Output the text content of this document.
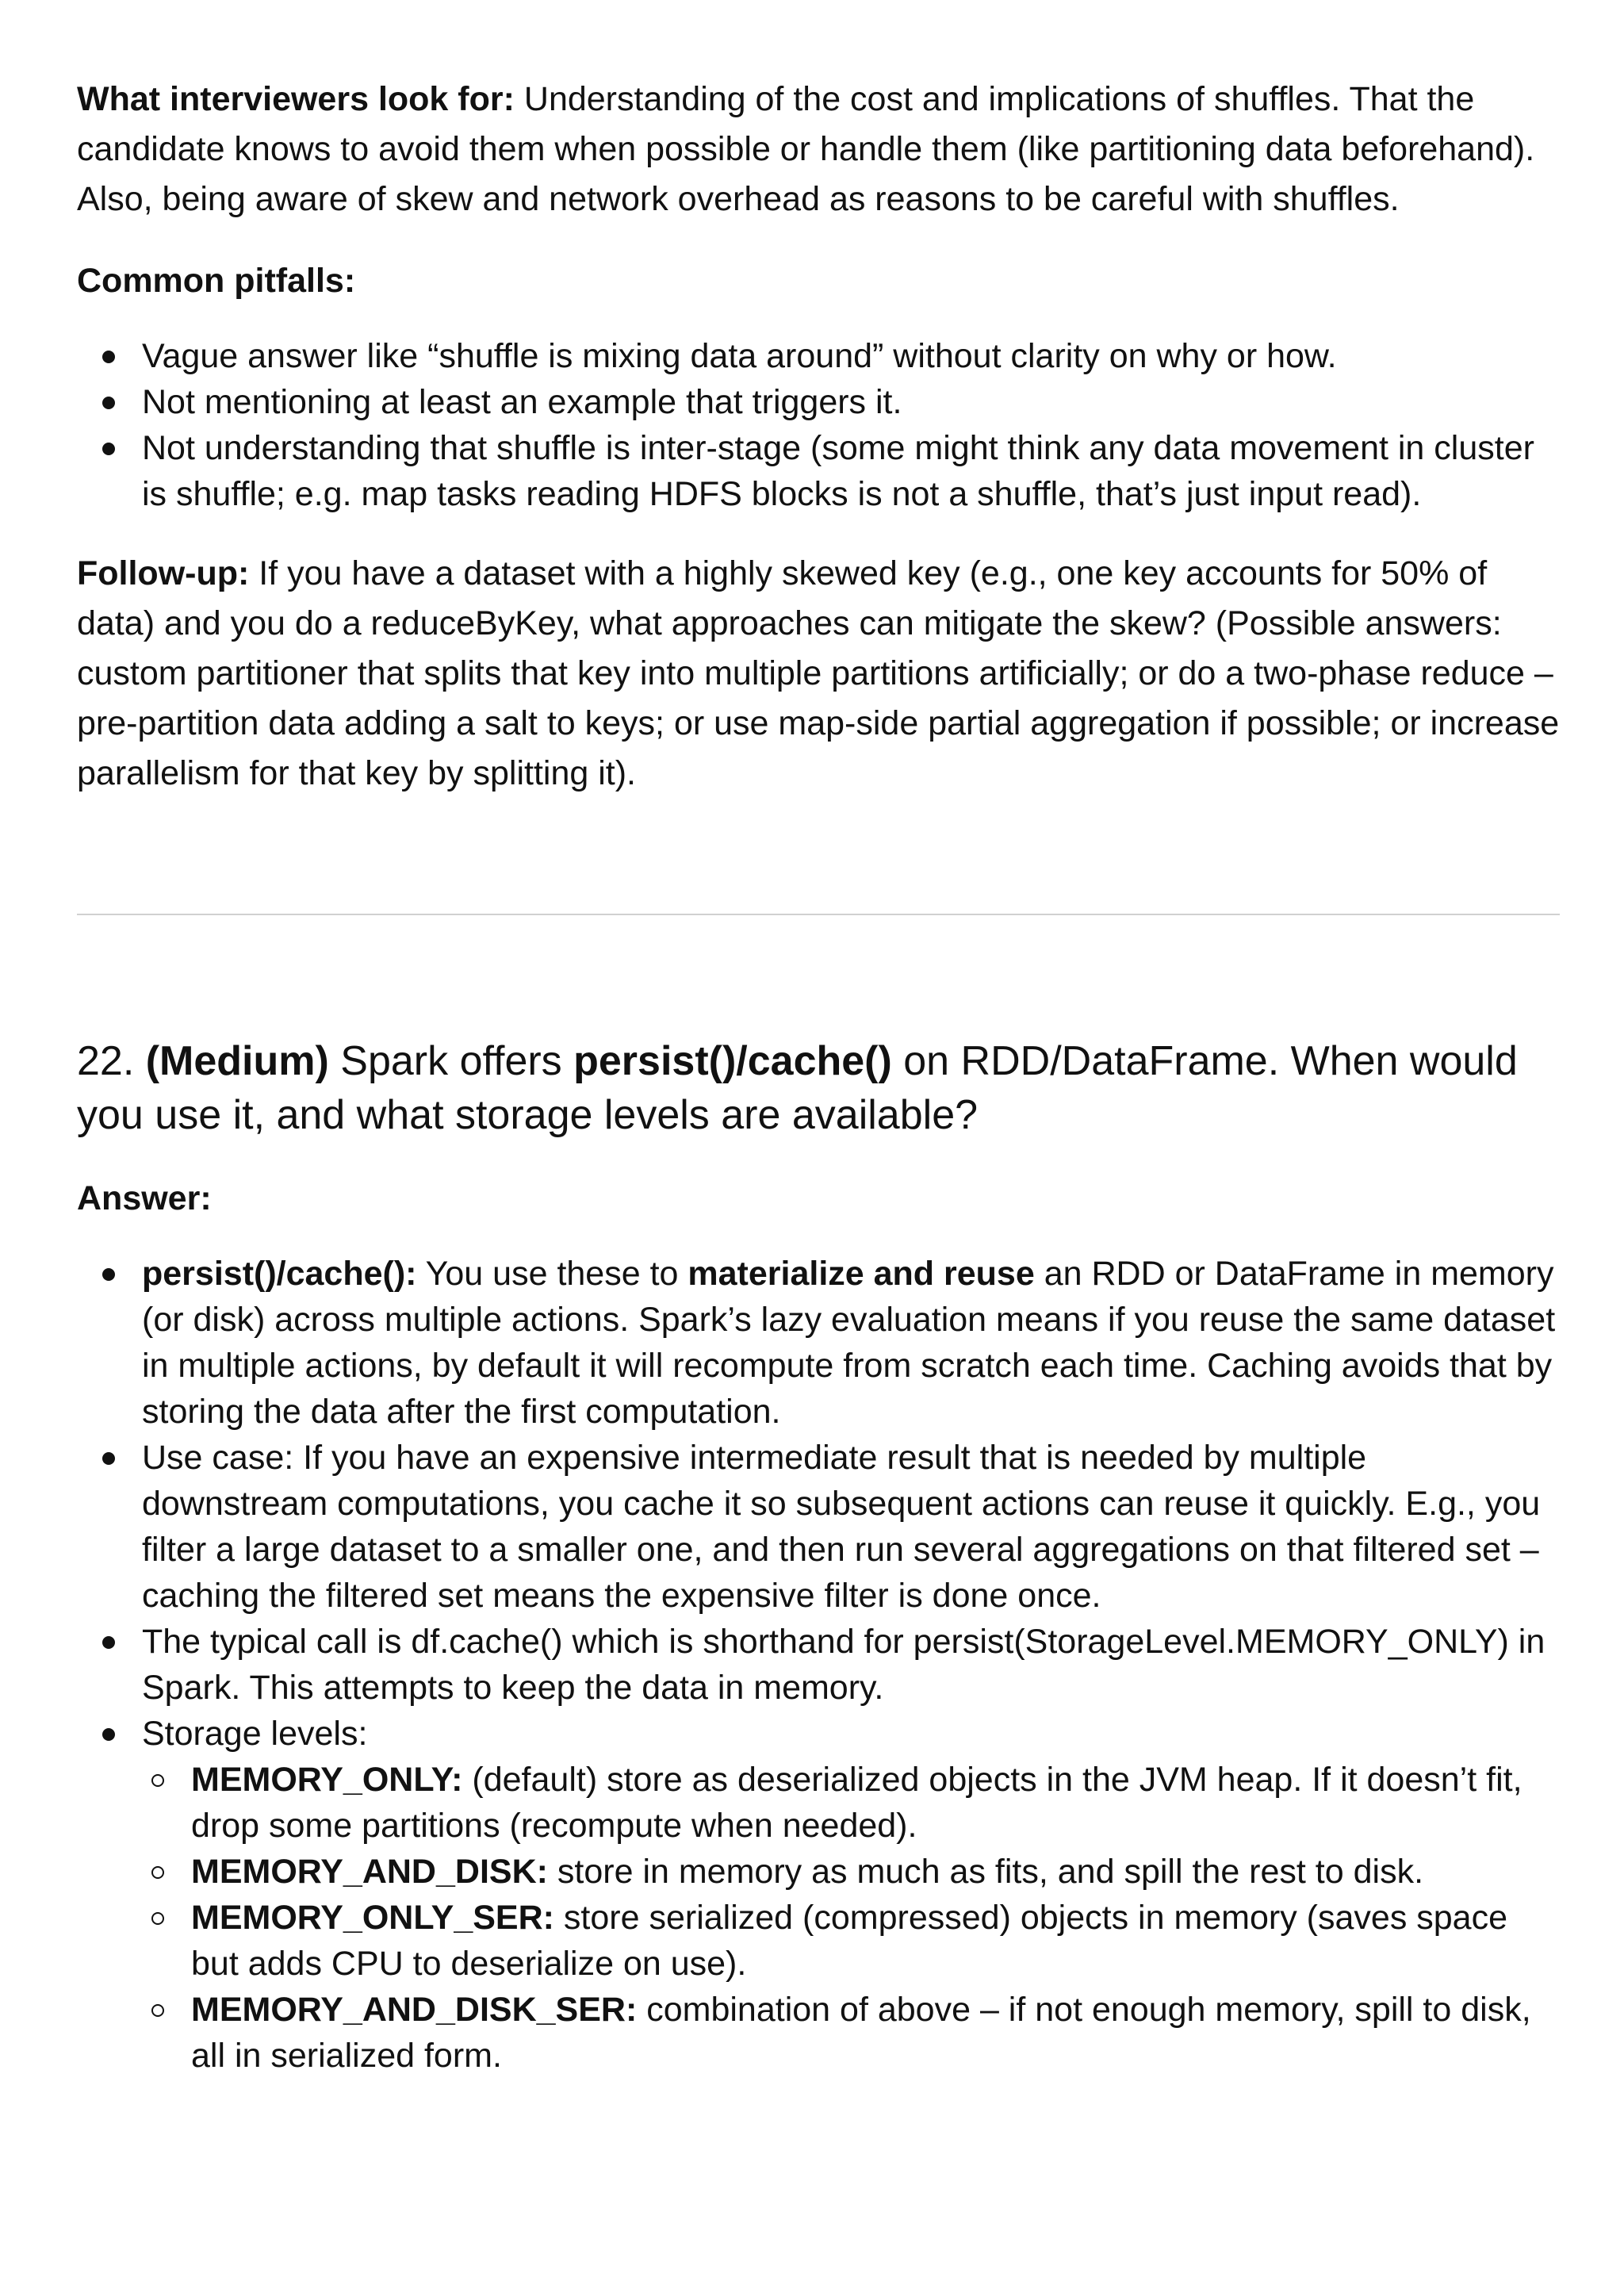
What interviewers look for: Understanding of the cost and implications of shuffles. That the candidate knows to avoid them when possible or handle them (like partitioning data beforehand). Also, being aware of skew and network overhead as reasons to be careful with shuffles.

Common pitfalls:
Vague answer like “shuffle is mixing data around” without clarity on why or how.
Not mentioning at least an example that triggers it.
Not understanding that shuffle is inter-stage (some might think any data movement in cluster is shuffle; e.g. map tasks reading HDFS blocks is not a shuffle, that’s just input read).

Follow-up: If you have a dataset with a highly skewed key (e.g., one key accounts for 50% of data) and you do a reduceByKey, what approaches can mitigate the skew? (Possible answers: custom partitioner that splits that key into multiple partitions artificially; or do a two-phase reduce – pre-partition data adding a salt to keys; or use map-side partial aggregation if possible; or increase parallelism for that key by splitting it).

22. (Medium) Spark offers persist()/cache() on RDD/DataFrame. When would you use it, and what storage levels are available?
Answer:
persist()/cache(): You use these to materialize and reuse an RDD or DataFrame in memory (or disk) across multiple actions. Spark’s lazy evaluation means if you reuse the same dataset in multiple actions, by default it will recompute from scratch each time. Caching avoids that by storing the data after the first computation.
Use case: If you have an expensive intermediate result that is needed by multiple downstream computations, you cache it so subsequent actions can reuse it quickly. E.g., you filter a large dataset to a smaller one, and then run several aggregations on that filtered set – caching the filtered set means the expensive filter is done once.
The typical call is df.cache() which is shorthand for persist(StorageLevel.MEMORY_ONLY) in Spark. This attempts to keep the data in memory.
Storage levels:
MEMORY_ONLY: (default) store as deserialized objects in the JVM heap. If it doesn’t fit, drop some partitions (recompute when needed).
MEMORY_AND_DISK: store in memory as much as fits, and spill the rest to disk.
MEMORY_ONLY_SER: store serialized (compressed) objects in memory (saves space but adds CPU to deserialize on use).
MEMORY_AND_DISK_SER: combination of above – if not enough memory, spill to disk, all in serialized form.
